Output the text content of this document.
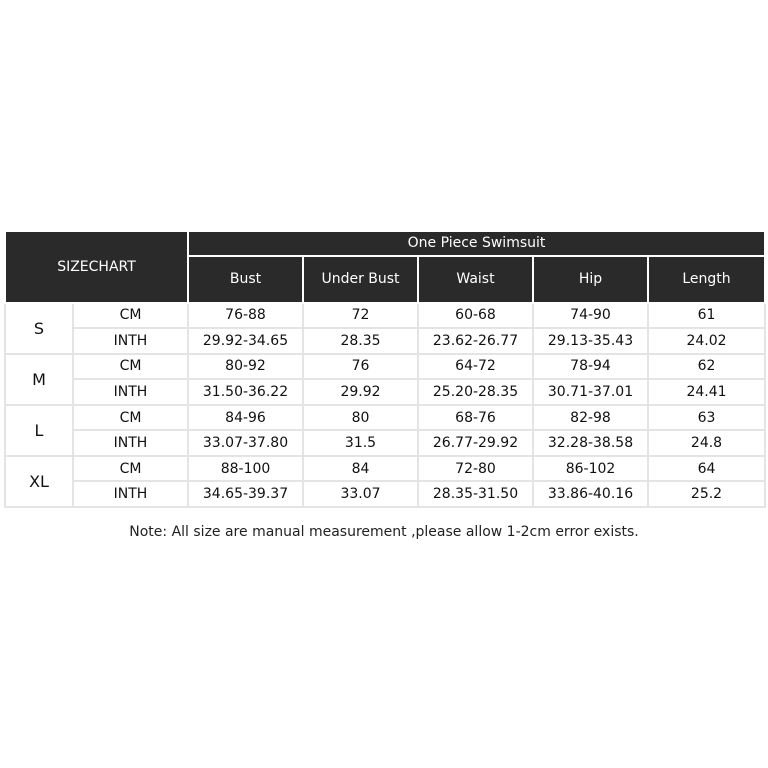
SIZECHART		One Piece Swimsuit				
		Bust	Under Bust	Waist	Hip	Length
S	CM	76-88	72	60-68	74-90	61
	INTH	29.92-34.65	28.35	23.62-26.77	29.13-35.43	24.02
M	CM	80-92	76	64-72	78-94	62
	INTH	31.50-36.22	29.92	25.20-28.35	30.71-37.01	24.41
L	CM	84-96	80	68-76	82-98	63
	INTH	33.07-37.80	31.5	26.77-29.92	32.28-38.58	24.8
XL	CM	88-100	84	72-80	86-102	64
	INTH	34.65-39.37	33.07	28.35-31.50	33.86-40.16	25.2
Note: All size are manual measurement ,please allow 1-2cm error exists.
